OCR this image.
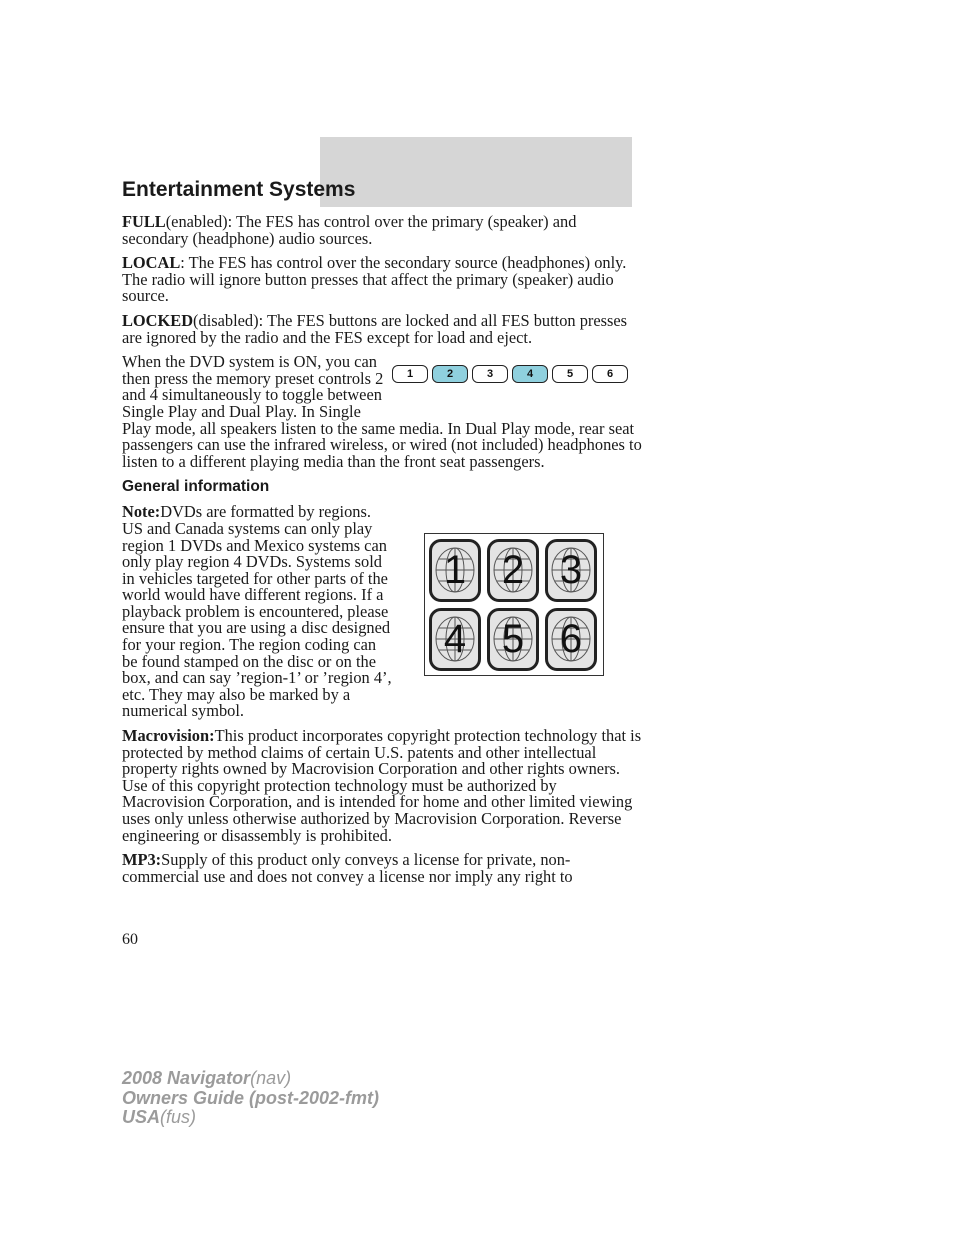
Entertainment Systems
1	2	3	4	5	6
1 2 3
4 5 6

FULL(enabled): The FES has control over the primary (speaker) and secondary (headphone) audio sources.

LOCAL: The FES has control over the secondary source (headphones) only. The radio will ignore button presses that affect the primary (speaker) audio source.

LOCKED(disabled): The FES buttons are locked and all FES button presses are ignored by the radio and the FES except for load and eject.

When the DVD system is ON, you can then press the memory preset controls 2 and 4 simultaneously to toggle between Single Play and Dual Play. In Single Play mode, all speakers listen to the same media. In Dual Play mode, rear seat passengers can use the infrared wireless, or wired (not included) headphones to listen to a different playing media than the front seat passengers.

General information

Note:DVDs are formatted by regions. US and Canada systems can only play region 1 DVDs and Mexico systems can only play region 4 DVDs. Systems sold in vehicles targeted for other parts of the world would have different regions. If a playback problem is encountered, please ensure that you are using a disc designed for your region. The region coding can be found stamped on the disc or on the box, and can say ’region-1’ or ’region 4’, etc. They may also be marked by a numerical symbol.

Macrovision:This product incorporates copyright protection technology that is protected by method claims of certain U.S. patents and other intellectual property rights owned by Macrovision Corporation and other rights owners. Use of this copyright protection technology must be authorized by Macrovision Corporation, and is intended for home and other limited viewing uses only unless otherwise authorized by Macrovision Corporation. Reverse engineering or disassembly is prohibited.

MP3:Supply of this product only conveys a license for private, non-commercial use and does not convey a license nor imply any right to

60
2008 Navigator(nav)
Owners Guide (post-2002-fmt)
USA(fus)
